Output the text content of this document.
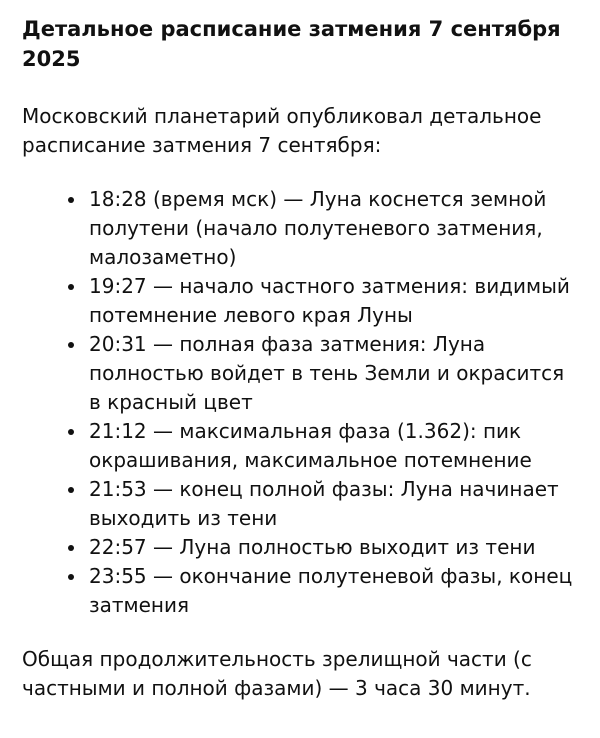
Детальное расписание затмения 7 сентября 2025

Московский планетарий опубликовал детальное расписание затмения 7 сентября:

• 18:28 (время мск) — Луна коснется земной полутени (начало полутеневого затмения, малозаметно)
• 19:27 — начало частного затмения: видимый потемнение левого края Луны
• 20:31 — полная фаза затмения: Луна полностью войдет в тень Земли и окрасится в красный цвет
• 21:12 — максимальная фаза (1.362): пик окрашивания, максимальное потемнение
• 21:53 — конец полной фазы: Луна начинает выходить из тени
• 22:57 — Луна полностью выходит из тени
• 23:55 — окончание полутеневой фазы, конец затмения

Общая продолжительность зрелищной части (с частными и полной фазами) — 3 часа 30 минут.
